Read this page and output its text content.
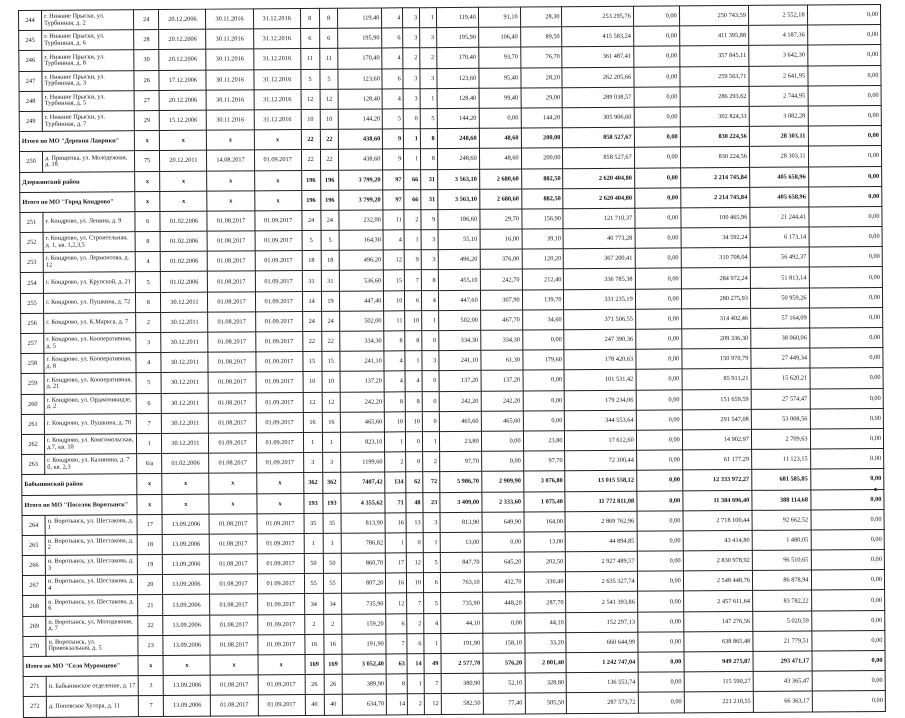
244	г. Нижние Прыски, ул. Турбинная, д. 2	24	20.12.2006	30.11.2016	31.12.2016	8	8	119,40	4	3	1	119,40	91,10	28,30	253 295,76	0,00	250 743,59	2 552,18	0,00
245	г. Нижние Прыски, ул. Турбинная, д. 6	28	20.12.2006	30.11.2016	31.12.2016	6	6	195,90	6	3	3	195,90	106,40	89,50	415 583,24	0,00	411 395,88	4 187,36	0,00
246	г. Нижние Прыски, ул. Турбинная, д. 8	30	20.12.2006	30.11.2016	31.12.2016	11	11	170,40	4	2	2	170,40	93,70	76,70	361 487,41	0,00	357 845,11	3 642,30	0,00
247	г. Нижние Прыски, ул. Турбинная, д. 3	26	17.12.2006	30.11.2016	31.12.2016	5	5	123,60	6	3	3	123,60	95,40	28,20	262 205,66	0,00	259 563,71	2 641,95	0,00
248	г. Нижние Прыски, ул. Турбинная, д. 5	27	20.12.2006	30.11.2016	31.12.2016	12	12	128,40	4	3	1	128,40	99,40	29,00	289 038,57	0,00	286 293,62	2 744,95	0,00
249	г. Нижние Прыски, ул. Турбинная, д. 7	29	15.12.2006	30.11.2016	31.12.2016	10	10	144,20	5	0	5	144,20	0,00	144,20	305 906,60	0,00	302 824,33	3 082,28	0,00
Итого по МО "Деревня Лаврики"		x	x	x	x	22	22	438,60	9	1	8	248,60	48,60	200,00	858 527,67	0,00	830 224,56	28 303,11	0,00
250	д. Прищепка, ул. Молодежная, д. 18	75	20.12.2011	14.08.2017	01.09.2017	22	22	438,60	9	1	8	248,60	48,60	200,00	858 527,67	0,00	830 224,56	28 303,11	0,00
Дзержинский район		x	x	x	x	196	196	3 799,20	97	66	31	3 563,10	2 680,60	882,50	2 620 404,80	0,00	2 214 745,84	405 658,96	0,00
Итого по МО "Город Кондрово"		x	x	x	x	196	196	3 799,20	97	66	31	3 563,10	2 680,60	882,50	2 620 404,80	0,00	2 214 745,84	405 658,96	0,00
251	г. Кондрово, ул. Ленина, д. 9	6	01.02.2006	01.08.2017	01.09.2017	24	24	232,00	11	2	9	186,60	29,70	156,90	121 710,37	0,00	100 465,96	21 244,41	0,00
252	г. Кондрово, ул. Строительная, д. 1, кв. 1,2,3,5	8	01.02.2006	01.08.2017	01.09.2017	5	5	164,30	4	1	3	55,10	16,00	39,10	40 773,28	0,00	34 592,24	6 173,14	0,00
253	г. Кондрово, ул. Лермонтова, д. 12	4	01.02.2006	01.08.2017	01.09.2017	18	18	496,20	12	9	3	496,20	376,00	120,20	367 200,41	0,00	310 708,04	56 492,37	0,00
254	г. Кондрово, ул. Крупской, д. 21	5	01.02.2006	01.08.2017	01.09.2017	31	31	536,60	15	7	8	455,10	242,70	212,40	336 785,38	0,00	284 972,24	51 813,14	0,00
255	г. Кондрово, ул. Пушкина, д. 72	8	30.12.2011	01.08.2017	01.09.2017	14	19	447,40	10	6	4	447,60	307,90	139,70	331 235,19	0,00	280 275,93	50 959,26	0,00
256	г. Кондрово, ул. К.Маркса, д. 7	2	30.12.2011	01.08.2017	01.09.2017	24	24	502,00	11	10	1	502,00	467,70	34,60	371 506,55	0,00	314 402,46	57 164,09	0,00
257	г. Кондрово, ул. Кооперативная, д. 5	3	30.12.2011	01.08.2017	01.09.2017	22	22	334,30	8	8	0	334,30	334,30	0,00	247 390,36	0,00	209 336,30	38 060,06	0,00
258	г. Кондрово, ул. Кооперативная, д. 8	4	30.12.2011	01.08.2017	01.09.2017	15	15	241,10	4	1	3	241,10	61,30	179,60	178 420,63	0,00	150 970,79	27 449,34	0,00
259	г. Кондрово, ул. Кооперативная, д. 21	5	30.12.2011	01.08.2017	01.09.2017	10	10	137,20	4	4	0	137,20	137,20	0,00	101 531,42	0,00	85 911,21	15 620,21	0,00
260	г. Кондрово, ул. Орджоникидзе, д. 2	6	30.12.2011	01.08.2017	01.09.2017	12	12	242,20	8	8	0	242,20	242,20	0,00	179 234,06	0,00	151 659,59	27 574,47	0,00
261	г. Кондрово, ул. Пушкина, д. 70	7	30.12.2011	01.08.2017	01.09.2017	16	16	465,60	10	10	0	465,60	465,60	0,00	344 553,64	0,00	291 547,08	53 008,56	0,00
262	г. Кондрово, ул. Комсомольская, д.7, кв. 10	1	30.12.2011	01.09.2017	01.09.2017	1	1	823,10	1	0	1	23,80	0,00	23,80	17 612,60	0,00	14 902,97	2 709,63	0,00
263	г. Кондрово, ул. Калинина, д. 7 б, кв. 2,3	6/а	01.02.2006	01.08.2017	01.09.2017	3	3	1199,60	2	0	2	97,70	0,00	97,70	72 300,44	0,00	61 177,29	11 123,15	0,00
Бабынинский район		x	x	x	x	362	362	7407,42	134	62	72	5 986,70	2 909,90	3 076,80	13 015 558,12	0,00	12 333 972,27	681 585,85	0,00
Итого по МО "Поселок Воротынск"		x	x	x	x	193	193	4 355,62	71	48	23	3 409,00	2 333,60	1 075,40	11 772 811,08	0,00	11 384 696,40	388 114,68	0,00
264	п. Воротынск, ул. Шестакова, д. 1	17	13.09.2006	01.08.2017	01.09.2017	35	35	813,90	16	13	3	813,90	649,90	164,00	2 869 762,96	0,00	2 718 100,44	92 662,52	0,00
265	п. Воротынск, ул. Шестакова, д. 2	18	13.09.2006	01.08.2017	01.09.2017	1	1	786,82	1	0	1	13,00	0,00	13,00	44 894,85	0,00	43 414,80	1 480,05	0,00
266	п. Воротынск, ул. Шестакова, д. 3	19	13.09.2006	01.08.2017	01.09.2017	50	50	860,70	17	12	5	847,70	645,20	202,50	2 927 489,57	0,00	2 830 978,92	96 510,65	0,00
267	п. Воротынск, ул. Шестакова, д. 4	20	13.09.2006	01.08.2017	01.09.2017	55	55	807,20	16	10	6	763,10	432,70	330,40	2 635 327,74	0,00	2 548 448,76	86 878,94	0,00
268	п. Воротынск, ул. Шестакова, д. 6	21	13.09.2006	01.08.2017	01.09.2017	34	34	735,90	12	7	5	735,90	448,20	287,70	2 541 393,86	0,00	2 457 611,64	83 782,22	0,00
269	п. Воротынск, ул. Молодежная, д. 7	22	13.09.2006	01.08.2017	01.09.2017	2	2	159,20	6	2	4	44,10	0,00	44,10	152 297,13	0,00	147 276,56	5 020,59	0,00
270	п. Воротынск, ул. Привокзальная, д. 5	23	13.09.2006	01.08.2017	01.09.2017	16	16	191,90	7	6	1	191,90	158,10	33,20	660 644,99	0,00	638 865,48	21 779,51	0,00
Итого по МО "Село Муромцево"		x	x	x	x	169	169	3 052,40	63	14	49	2 577,70	576,20	2 001,40	1 242 747,04	0,00	949 275,87	293 471,17	0,00
271	п. Бабынинское отделение, д. 17	3	13.09.2006	01.08.2017	01.09.2017	26	26	389,90	8	1	7	380,90	52,10	328,80	136 553,74	0,00	115 590,27	43 365,47	0,00
272	д. Поповское Хутора, д. 11	7	13.09.2006	01.08.2017	01.09.2017	40	40	634,70	14	2	12	582,50	77,40	505,50	287 573,72	0,00	221 210,55	66 363,17	0,00
